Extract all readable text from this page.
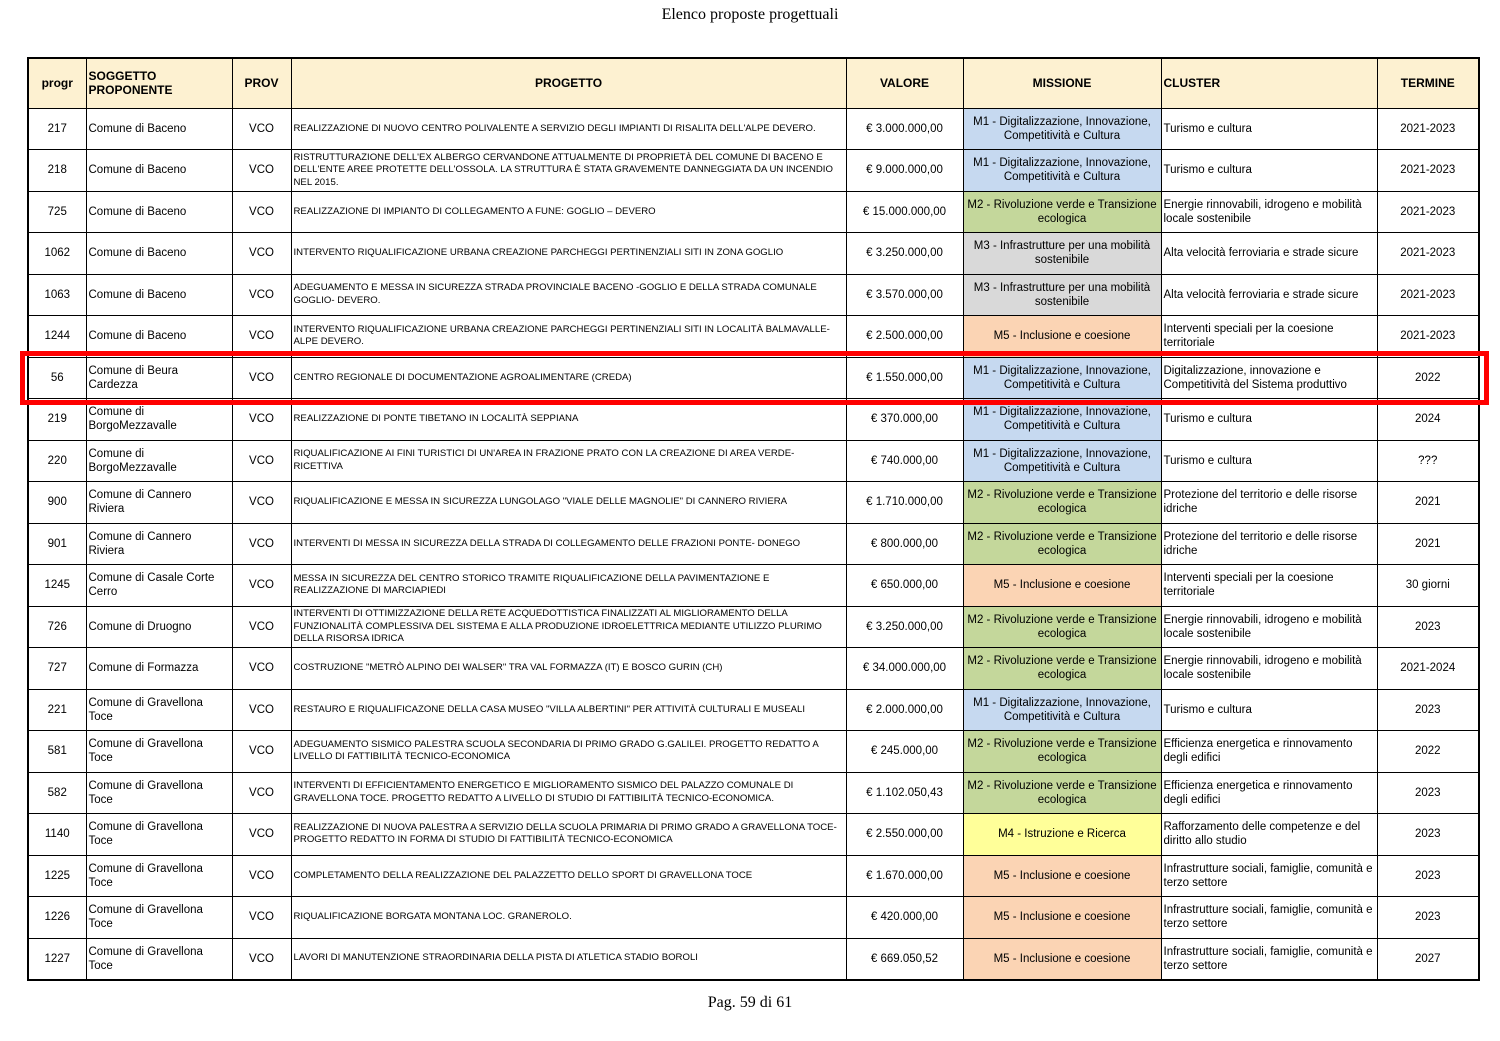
Elenco proposte progettuali
progr	SOGGETTO PROPONENTE	PROV	PROGETTO	VALORE	MISSIONE	CLUSTER	TERMINE
217	Comune di Baceno	VCO	REALIZZAZIONE DI NUOVO CENTRO POLIVALENTE A SERVIZIO DEGLI IMPIANTI DI RISALITA DELL'ALPE DEVERO.	€ 3.000.000,00	M1 - Digitalizzazione, Innovazione, Competitività e Cultura	Turismo e cultura	2021-2023
218	Comune di Baceno	VCO	RISTRUTTURAZIONE DELL'EX ALBERGO CERVANDONE ATTUALMENTE DI PROPRIETÀ DEL COMUNE DI BACENO E DELL'ENTE AREE PROTETTE DELL'OSSOLA. LA STRUTTURA È STATA GRAVEMENTE DANNEGGIATA DA UN INCENDIO NEL 2015.	€ 9.000.000,00	M1 - Digitalizzazione, Innovazione, Competitività e Cultura	Turismo e cultura	2021-2023
725	Comune di Baceno	VCO	REALIZZAZIONE DI IMPIANTO DI COLLEGAMENTO A FUNE: GOGLIO – DEVERO	€ 15.000.000,00	M2 - Rivoluzione verde e Transizione ecologica	Energie rinnovabili, idrogeno e mobilità locale sostenibile	2021-2023
1062	Comune di Baceno	VCO	INTERVENTO RIQUALIFICAZIONE URBANA CREAZIONE PARCHEGGI PERTINENZIALI SITI IN ZONA GOGLIO	€ 3.250.000,00	M3 - Infrastrutture per una mobilità sostenibile	Alta velocità ferroviaria e strade sicure	2021-2023
1063	Comune di Baceno	VCO	ADEGUAMENTO E MESSA IN SICUREZZA STRADA PROVINCIALE BACENO -GOGLIO E DELLA STRADA COMUNALE GOGLIO- DEVERO.	€ 3.570.000,00	M3 - Infrastrutture per una mobilità sostenibile	Alta velocità ferroviaria e strade sicure	2021-2023
1244	Comune di Baceno	VCO	INTERVENTO RIQUALIFICAZIONE URBANA CREAZIONE PARCHEGGI PERTINENZIALI SITI IN LOCALITÀ BALMAVALLE-ALPE DEVERO.	€ 2.500.000,00	M5 - Inclusione e coesione	Interventi speciali per la coesione territoriale	2021-2023
56	Comune di Beura Cardezza	VCO	CENTRO REGIONALE DI DOCUMENTAZIONE AGROALIMENTARE (CREDA)	€ 1.550.000,00	M1 - Digitalizzazione, Innovazione, Competitività e Cultura	Digitalizzazione, innovazione e Competitività del Sistema produttivo	2022
219	Comune di BorgoMezzavalle	VCO	REALIZZAZIONE DI PONTE TIBETANO IN LOCALITÀ SEPPIANA	€ 370.000,00	M1 - Digitalizzazione, Innovazione, Competitività e Cultura	Turismo e cultura	2024
220	Comune di BorgoMezzavalle	VCO	RIQUALIFICAZIONE AI FINI TURISTICI DI UN'AREA IN FRAZIONE PRATO CON LA CREAZIONE DI AREA VERDE-RICETTIVA	€ 740.000,00	M1 - Digitalizzazione, Innovazione, Competitività e Cultura	Turismo e cultura	???
900	Comune di Cannero Riviera	VCO	RIQUALIFICAZIONE E MESSA IN SICUREZZA LUNGOLAGO "VIALE DELLE MAGNOLIE" DI CANNERO RIVIERA	€ 1.710.000,00	M2 - Rivoluzione verde e Transizione ecologica	Protezione del territorio e delle risorse idriche	2021
901	Comune di Cannero Riviera	VCO	INTERVENTI DI MESSA IN SICUREZZA DELLA STRADA DI COLLEGAMENTO DELLE FRAZIONI PONTE- DONEGO	€ 800.000,00	M2 - Rivoluzione verde e Transizione ecologica	Protezione del territorio e delle risorse idriche	2021
1245	Comune di Casale Corte Cerro	VCO	MESSA IN SICUREZZA DEL CENTRO STORICO TRAMITE RIQUALIFICAZIONE DELLA PAVIMENTAZIONE E REALIZZAZIONE DI MARCIAPIEDI	€ 650.000,00	M5 - Inclusione e coesione	Interventi speciali per la coesione territoriale	30 giorni
726	Comune di Druogno	VCO	INTERVENTI DI OTTIMIZZAZIONE DELLA RETE ACQUEDOTTISTICA FINALIZZATI AL MIGLIORAMENTO DELLA FUNZIONALITÀ COMPLESSIVA DEL SISTEMA E ALLA PRODUZIONE IDROELETTRICA MEDIANTE UTILIZZO PLURIMO DELLA RISORSA IDRICA	€ 3.250.000,00	M2 - Rivoluzione verde e Transizione ecologica	Energie rinnovabili, idrogeno e mobilità locale sostenibile	2023
727	Comune di Formazza	VCO	COSTRUZIONE "METRÒ ALPINO DEI WALSER" TRA VAL FORMAZZA (IT) E BOSCO GURIN (CH)	€ 34.000.000,00	M2 - Rivoluzione verde e Transizione ecologica	Energie rinnovabili, idrogeno e mobilità locale sostenibile	2021-2024
221	Comune di Gravellona Toce	VCO	RESTAURO E RIQUALIFICAZONE DELLA CASA MUSEO "VILLA ALBERTINI" PER ATTIVITÀ CULTURALI E MUSEALI	€ 2.000.000,00	M1 - Digitalizzazione, Innovazione, Competitività e Cultura	Turismo e cultura	2023
581	Comune di Gravellona Toce	VCO	ADEGUAMENTO SISMICO PALESTRA SCUOLA SECONDARIA DI PRIMO GRADO G.GALILEI. PROGETTO REDATTO A LIVELLO DI FATTIBILITÀ TECNICO-ECONOMICA	€ 245.000,00	M2 - Rivoluzione verde e Transizione ecologica	Efficienza energetica e rinnovamento degli edifici	2022
582	Comune di Gravellona Toce	VCO	INTERVENTI DI EFFICIENTAMENTO ENERGETICO E MIGLIORAMENTO SISMICO DEL PALAZZO COMUNALE DI GRAVELLONA TOCE. PROGETTO REDATTO A LIVELLO DI STUDIO DI FATTIBILITÀ TECNICO-ECONOMICA.	€ 1.102.050,43	M2 - Rivoluzione verde e Transizione ecologica	Efficienza energetica e rinnovamento degli edifici	2023
1140	Comune di Gravellona Toce	VCO	REALIZZAZIONE DI NUOVA PALESTRA A SERVIZIO DELLA SCUOLA PRIMARIA DI PRIMO GRADO A GRAVELLONA TOCE- PROGETTO REDATTO IN FORMA DI STUDIO DI FATTIBILITÀ TECNICO-ECONOMICA	€ 2.550.000,00	M4 - Istruzione e Ricerca	Rafforzamento delle competenze e del diritto allo studio	2023
1225	Comune di Gravellona Toce	VCO	COMPLETAMENTO DELLA REALIZZAZIONE DEL PALAZZETTO DELLO SPORT DI GRAVELLONA TOCE	€ 1.670.000,00	M5 - Inclusione e coesione	Infrastrutture sociali, famiglie, comunità e terzo settore	2023
1226	Comune di Gravellona Toce	VCO	RIQUALIFICAZIONE BORGATA MONTANA LOC. GRANEROLO.	€ 420.000,00	M5 - Inclusione e coesione	Infrastrutture sociali, famiglie, comunità e terzo settore	2023
1227	Comune di Gravellona Toce	VCO	LAVORI DI MANUTENZIONE STRAORDINARIA DELLA PISTA DI ATLETICA STADIO BOROLI	€ 669.050,52	M5 - Inclusione e coesione	Infrastrutture sociali, famiglie, comunità e terzo settore	2027
Pag. 59 di 61
